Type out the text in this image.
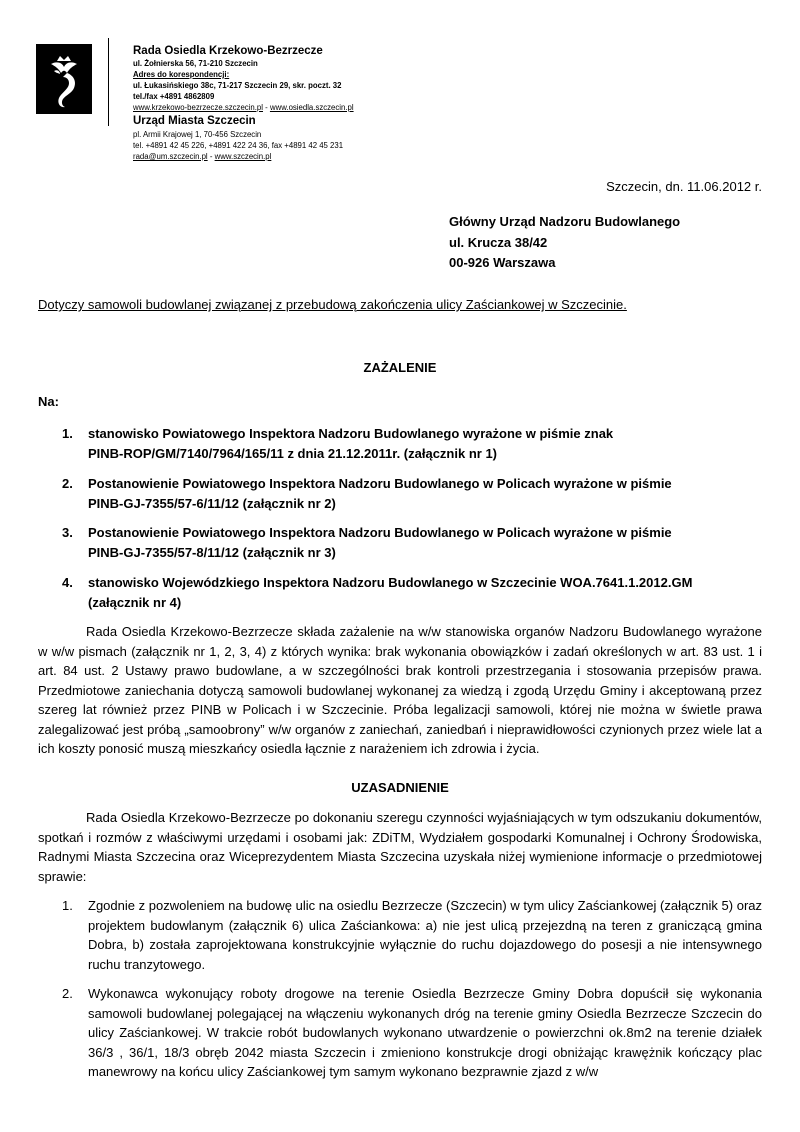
Rada Osiedla Krzekowo-Bezrzecze
ul. Żołnierska 56, 71-210 Szczecin
Adres do korespondencji:
ul. Łukasińskiego 38c, 71-217 Szczecin 29, skr. poczt. 32
tel./fax +4891 4862809
www.krzekowo-bezrzecze.szczecin.pl - www.osiedla.szczecin.pl
Urząd Miasta Szczecin
pl. Armii Krajowej 1, 70-456 Szczecin
tel. +4891 42 45 226, +4891 422 24 36, fax +4891 42 45 231
rada@um.szczecin.pl - www.szczecin.pl
Szczecin, dn. 11.06.2012 r.
Główny Urząd Nadzoru Budowlanego
ul. Krucza 38/42
00-926 Warszawa
Dotyczy samowoli budowlanej związanej z przebudową zakończenia ulicy Zaściankowej w Szczecinie.
ZAŻALENIE
Na:
1. stanowisko Powiatowego Inspektora Nadzoru Budowlanego wyrażone w piśmie znak
PINB-ROP/GM/7140/7964/165/11 z dnia 21.12.2011r. (załącznik nr 1)
2. Postanowienie Powiatowego Inspektora Nadzoru Budowlanego w Policach wyrażone w piśmie
PINB-GJ-7355/57-6/11/12 (załącznik nr 2)
3. Postanowienie Powiatowego Inspektora Nadzoru Budowlanego w Policach wyrażone w piśmie
PINB-GJ-7355/57-8/11/12 (załącznik nr 3)
4. stanowisko Wojewódzkiego Inspektora Nadzoru Budowlanego w Szczecinie WOA.7641.1.2012.GM
(załącznik nr 4)
Rada Osiedla Krzekowo-Bezrzecze składa zażalenie na w/w stanowiska organów Nadzoru Budowlanego wyrażone w w/w pismach (załącznik nr 1, 2, 3, 4) z których wynika: brak wykonania obowiązków i zadań określonych w art. 83 ust. 1 i art. 84 ust. 2 Ustawy prawo budowlane, a w szczególności brak kontroli przestrzegania i stosowania przepisów prawa. Przedmiotowe zaniechania dotyczą samowoli budowlanej wykonanej za wiedzą i zgodą Urzędu Gminy i akceptowaną przez szereg lat również przez PINB w Policach i w Szczecinie. Próba legalizacji samowoli, której nie można w świetle prawa zalegalizować jest próbą „samoobrony” w/w organów z zaniechań, zaniedbań i nieprawidłowości czynionych przez wiele lat a ich koszty ponosić muszą mieszkańcy osiedla łącznie z narażeniem ich zdrowia i życia.
UZASADNIENIE
Rada Osiedla Krzekowo-Bezrzecze po dokonaniu szeregu czynności wyjaśniających w tym odszukaniu dokumentów, spotkań i rozmów z właściwymi urzędami i osobami jak: ZDiTM, Wydziałem gospodarki Komunalnej i Ochrony Środowiska, Radnymi Miasta Szczecina oraz Wiceprezydentem Miasta Szczecina uzyskała niżej wymienione informacje o przedmiotowej sprawie:
1. Zgodnie z pozwoleniem na budowę ulic na osiedlu Bezrzecze (Szczecin) w tym ulicy Zaściankowej (załącznik 5) oraz projektem budowlanym (załącznik 6) ulica Zaściankowa: a) nie jest ulicą przejezdną na teren z graniczącą gmina Dobra, b) została zaprojektowana konstrukcyjnie wyłącznie do ruchu dojazdowego do posesji a nie intensywnego ruchu tranzytowego.
2. Wykonawca wykonujący roboty drogowe na terenie Osiedla Bezrzecze Gminy Dobra dopuścił się wykonania samowoli budowlanej polegającej na włączeniu wykonanych dróg na terenie gminy Osiedla Bezrzecze Szczecin do ulicy Zaściankowej. W trakcie robót budowlanych wykonano utwardzenie o powierzchni ok.8m2 na terenie działek 36/3 , 36/1, 18/3 obręb 2042 miasta Szczecin i zmieniono konstrukcje drogi obniżając krawężnik kończący plac manewrowy na końcu ulicy Zaściankowej tym samym wykonano bezprawnie zjazd z w/w
